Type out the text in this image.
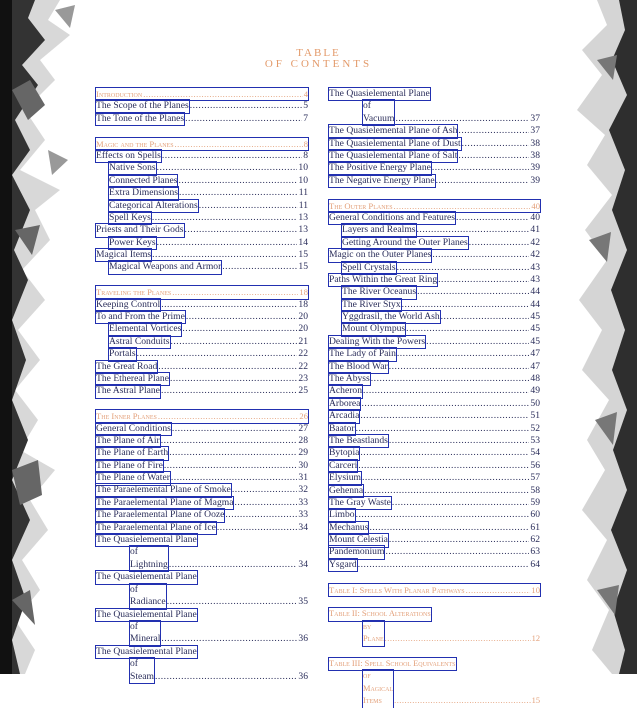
TABLE
OF CONTENTS
Introduction .....	4
The Scope of the Planes .....	5
The Tone of the Planes .....	7
Magic and the Planes .....	8
Effects on Spells .....	8
Native Sons .....	10
Connected Planes .....	10
Extra Dimensions .....	11
Categorical Alterations .....	11
Spell Keys .....	13
Priests and Their Gods .....	13
Power Keys .....	14
Magical Items .....	15
Magical Weapons and Armor .....	15
Traveling the Planes .....	18
Keeping Control .....	18
To and From the Prime .....	20
Elemental Vortices .....	20
Astral Conduits .....	21
Portals .....	22
The Great Road .....	22
The Ethereal Plane .....	23
The Astral Plane .....	25
The Inner Planes .....	26
General Conditions .....	27
The Plane of Air .....	28
The Plane of Earth .....	29
The Plane of Fire .....	30
The Plane of Water .....	31
The Paraelemental Plane of Smoke .....	32
The Paraelemental Plane of Magma .....	33
The Paraelemental Plane of Ooze .....	33
The Paraelemental Plane of Ice .....	34
The Quasielemental Plane
of Lightning .....	34
The Quasielemental Plane
of Radiance .....	35
The Quasielemental Plane
of Mineral .....	36
The Quasielemental Plane
of Steam .....	36
The Quasielemental Plane
of Vacuum .....	37
The Quasielemental Plane of Ash .....	37
The Quasielemental Plane of Dust .....	38
The Quasielemental Plane of Salt .....	38
The Positive Energy Plane .....	39
The Negative Energy Plane .....	39
The Outer Planes .....	40
General Conditions and Features .....	40
Layers and Realms .....	41
Getting Around the Outer Planes .....	42
Magic on the Outer Planes .....	42
Spell Crystals .....	43
Paths Within the Great Ring .....	43
The River Oceanus .....	44
The River Styx .....	44
Yggdrasil, the World Ash .....	45
Mount Olympus .....	45
Dealing With the Powers .....	45
The Lady of Pain .....	47
The Blood War .....	47
The Abyss .....	48
Acheron .....	49
Arborea .....	50
Arcadia .....	51
Baator .....	52
The Beastlands .....	53
Bytopia .....	54
Carceri .....	56
Elysium .....	57
Gehenna .....	58
The Gray Waste .....	59
Limbo .....	60
Mechanus .....	61
Mount Celestia .....	62
Pandemonium .....	63
Ysgard .....	64
Table I: Spells With Planar Pathways .....	10
Table II: School Alterations
by Plane .....	12
Table III: Spell School Equivalents
of Magical Items .....	15
